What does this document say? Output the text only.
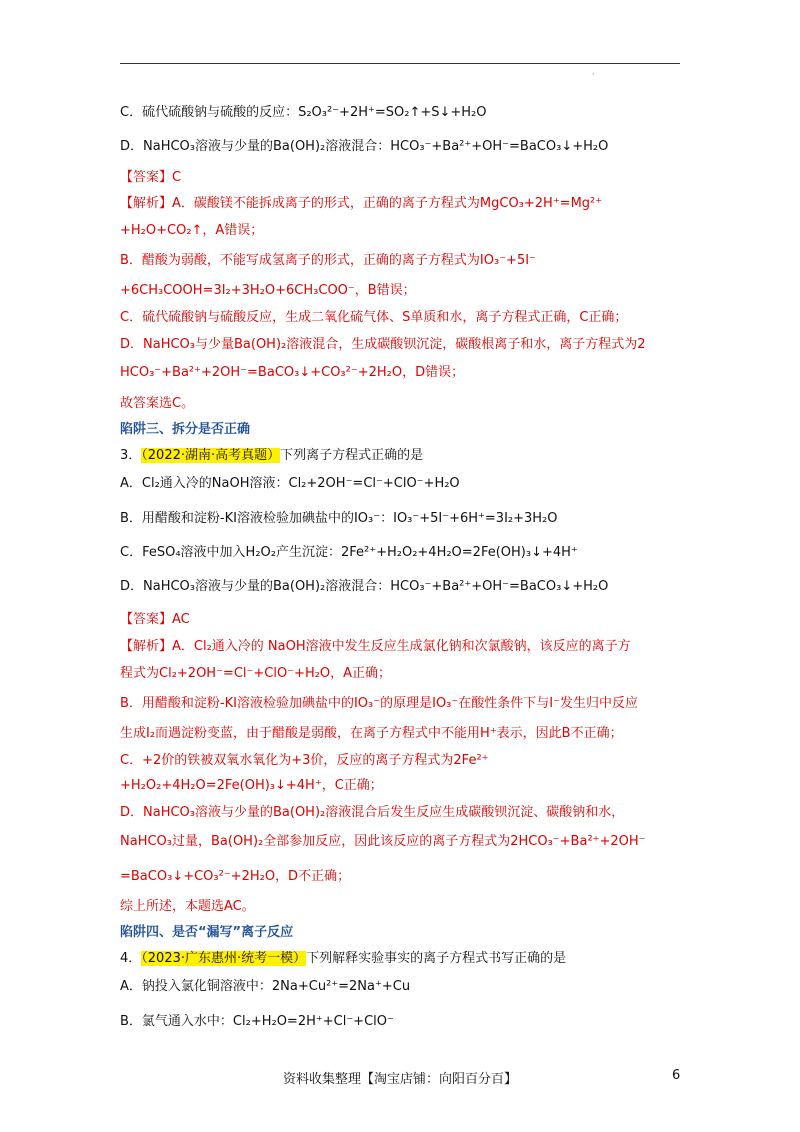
·
C．硫代硫酸钠与硫酸的反应：S₂O₃²⁻+2H⁺=SO₂↑+S↓+H₂O
D．NaHCO₃溶液与少量的Ba(OH)₂溶液混合：HCO₃⁻+Ba²⁺+OH⁻=BaCO₃↓+H₂O
【答案】C
【解析】A．碳酸镁不能拆成离子的形式，正确的离子方程式为MgCO₃+2H⁺=Mg²⁺
+H₂O+CO₂↑，A错误；
B．醋酸为弱酸，不能写成氢离子的形式，正确的离子方程式为IO₃⁻+5I⁻
+6CH₃COOH=3I₂+3H₂O+6CH₃COO⁻，B错误；
C．硫代硫酸钠与硫酸反应，生成二氧化硫气体、S单质和水，离子方程式正确，C正确；
D．NaHCO₃与少量Ba(OH)₂溶液混合，生成碳酸钡沉淀，碳酸根离子和水，离子方程式为2
HCO₃⁻+Ba²⁺+2OH⁻=BaCO₃↓+CO₃²⁻+2H₂O，D错误；
故答案选C。
陷阱三、拆分是否正确
3．（2022·湖南·高考真题）下列离子方程式正确的是
A．Cl₂通入冷的NaOH溶液：Cl₂+2OH⁻=Cl⁻+ClO⁻+H₂O
B．用醋酸和淀粉-KI溶液检验加碘盐中的IO₃⁻：IO₃⁻+5I⁻+6H⁺=3I₂+3H₂O
C．FeSO₄溶液中加入H₂O₂产生沉淀：2Fe²⁺+H₂O₂+4H₂O=2Fe(OH)₃↓+4H⁺
D．NaHCO₃溶液与少量的Ba(OH)₂溶液混合：HCO₃⁻+Ba²⁺+OH⁻=BaCO₃↓+H₂O
【答案】AC
【解析】A．Cl₂通入冷的 NaOH溶液中发生反应生成氯化钠和次氯酸钠，该反应的离子方
程式为Cl₂+2OH⁻=Cl⁻+ClO⁻+H₂O，A正确；
B．用醋酸和淀粉-KI溶液检验加碘盐中的IO₃⁻的原理是IO₃⁻在酸性条件下与I⁻发生归中反应
生成I₂而遇淀粉变蓝，由于醋酸是弱酸，在离子方程式中不能用H⁺表示，因此B不正确；
C．+2价的铁被双氧水氧化为+3价，反应的离子方程式为2Fe²⁺
+H₂O₂+4H₂O=2Fe(OH)₃↓+4H⁺，C正确；
D．NaHCO₃溶液与少量的Ba(OH)₂溶液混合后发生反应生成碳酸钡沉淀、碳酸钠和水，
NaHCO₃过量，Ba(OH)₂全部参加反应，因此该反应的离子方程式为2HCO₃⁻+Ba²⁺+2OH⁻
=BaCO₃↓+CO₃²⁻+2H₂O，D不正确；
综上所述，本题选AC。
陷阱四、是否“漏写”离子反应
4．（2023·广东惠州·统考一模）下列解释实验事实的离子方程式书写正确的是
A．钠投入氯化铜溶液中：2Na+Cu²⁺=2Na⁺+Cu
B．氯气通入水中：Cl₂+H₂O=2H⁺+Cl⁻+ClO⁻
资料收集整理【淘宝店铺：向阳百分百】	6
